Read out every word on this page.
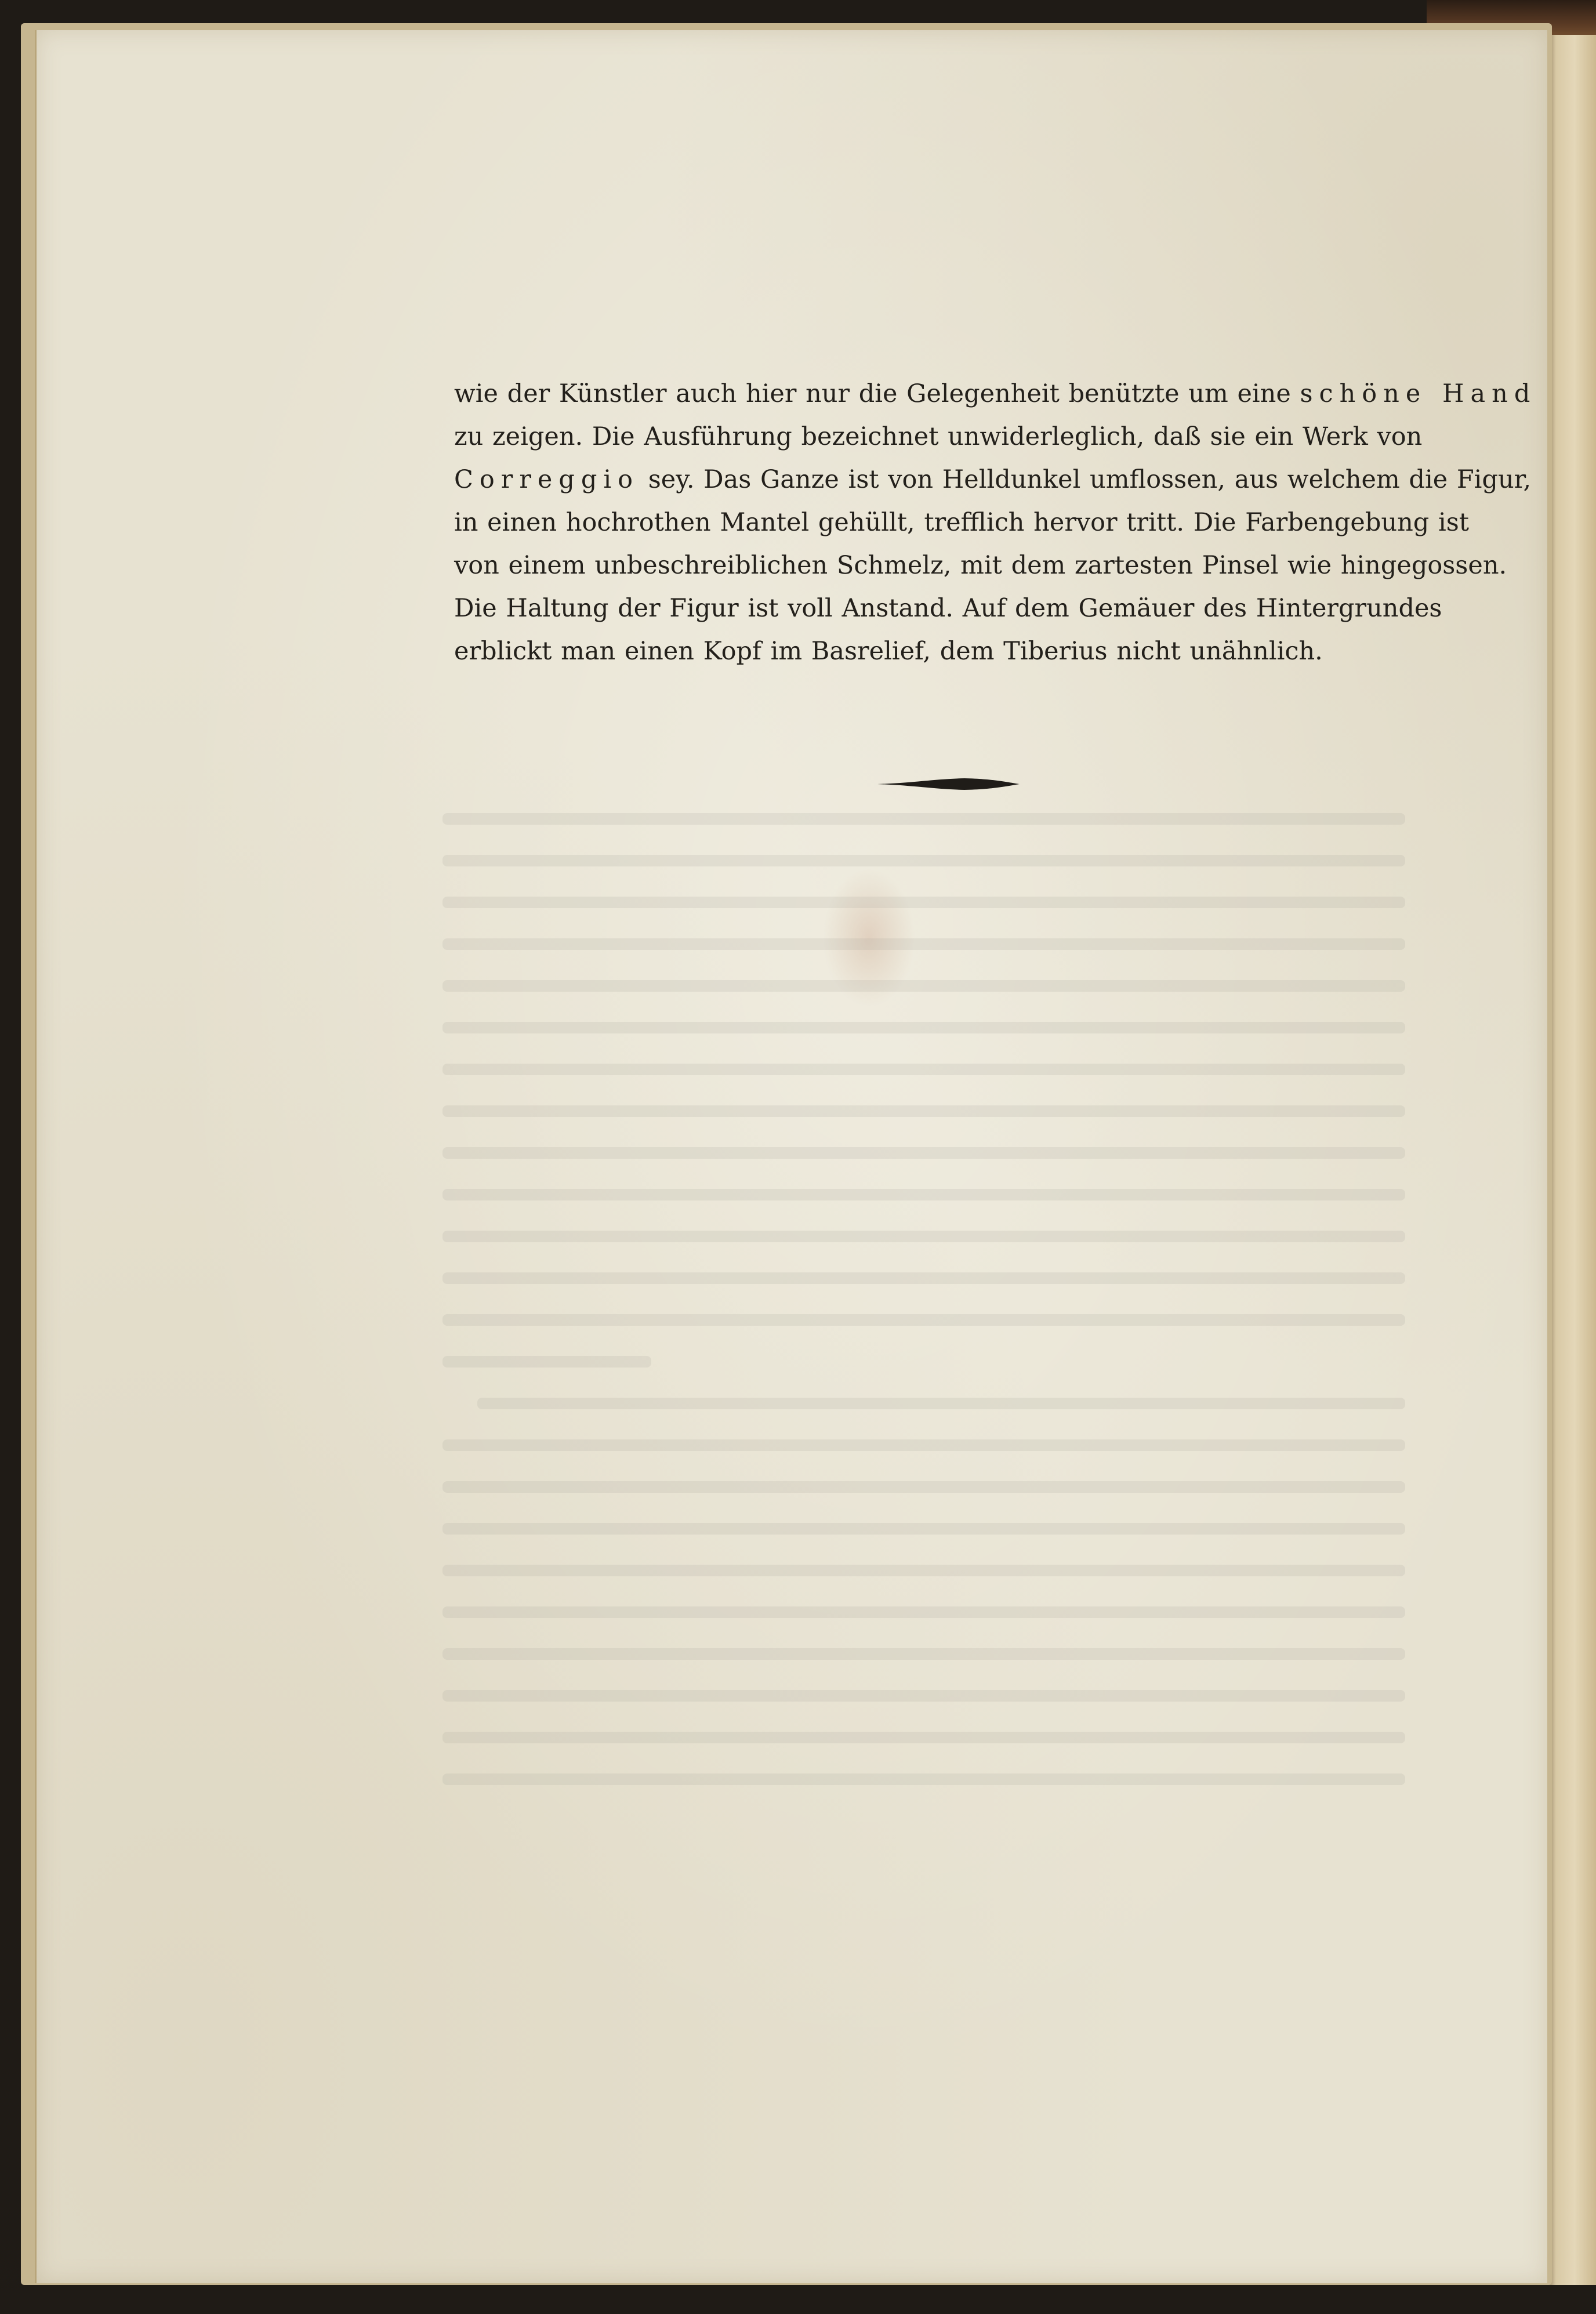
wie der Künstler auch hier nur die Gelegenheit benützte um eine schöne Hand
zu zeigen. Die Ausführung bezeichnet unwiderleglich, daß sie ein Werk von
Correggio sey. Das Ganze ist von Helldunkel umflossen, aus welchem die Figur,
in einen hochrothen Mantel gehüllt, trefflich hervor tritt. Die Farbengebung ist
von einem unbeschreiblichen Schmelz, mit dem zartesten Pinsel wie hingegossen.
Die Haltung der Figur ist voll Anstand. Auf dem Gemäuer des Hintergrundes
erblickt man einen Kopf im Basrelief, dem Tiberius nicht unähnlich.
